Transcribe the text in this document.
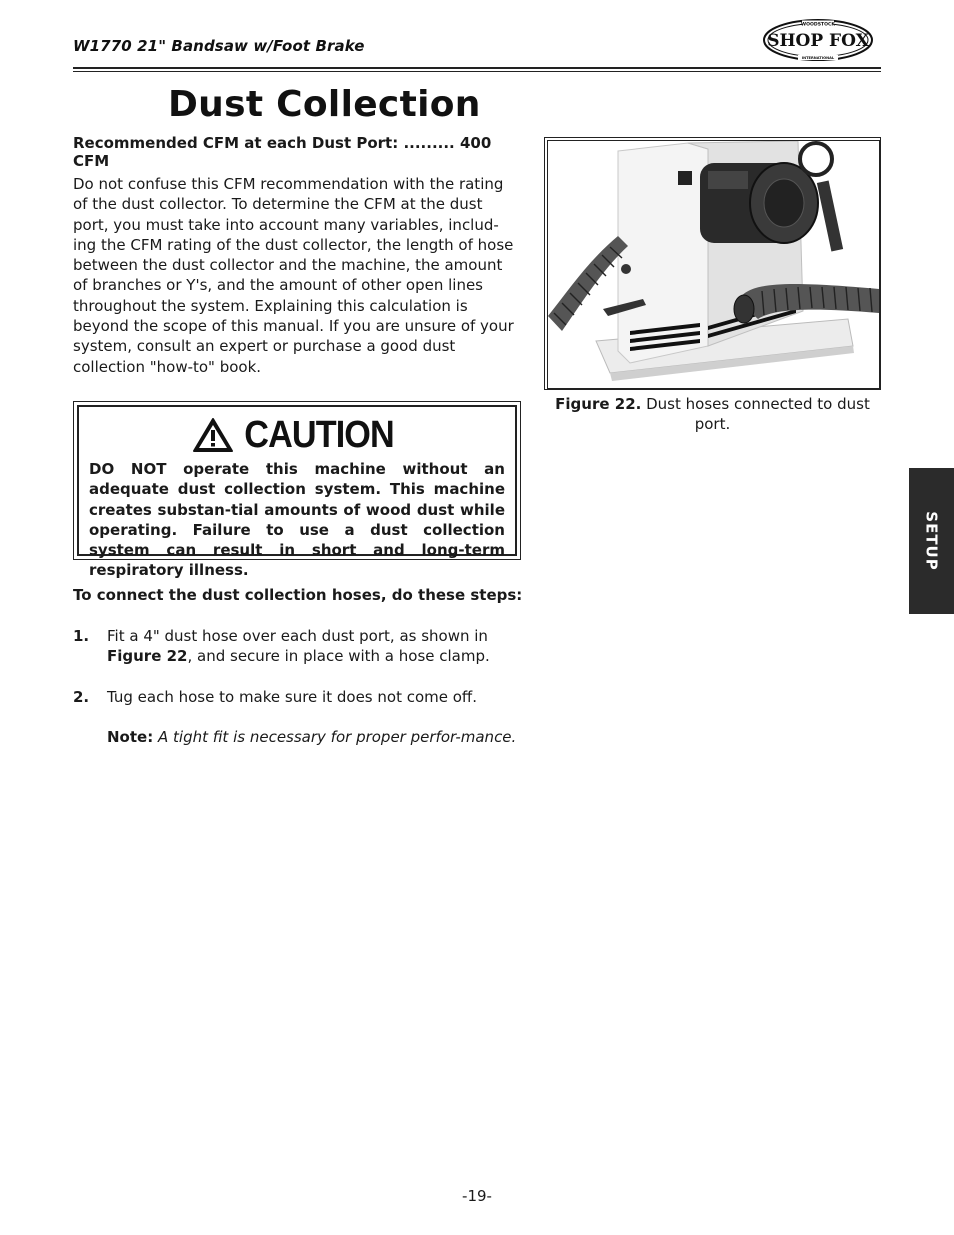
W1770 21" Bandsaw w/Foot Brake
WOODSTOCK
SHOP FOX
INTERNATIONAL
Dust Collection
Recommended CFM at each Dust Port: ......... 400 CFM

Do not confuse this CFM recommendation with the rating of the dust collector. To determine the CFM at the dust port, you must take into account many variables, includ-ing the CFM rating of the dust collector, the length of hose between the dust collector and the machine, the amount of branches or Y's, and the amount of other open lines throughout the system. Explaining this calculation is beyond the scope of this manual. If you are unsure of your system, consult an expert or purchase a good dust collection "how-to" book.

CAUTION

DO NOT operate this machine without an adequate dust collection system. This machine creates substan-tial amounts of wood dust while operating. Failure to use a dust collection system can result in short and long-term respiratory illness.

To connect the dust collection hoses, do these steps:
1. Fit a 4" dust hose over each dust port, as shown in Figure 22, and secure in place with a hose clamp.
2. Tug each hose to make sure it does not come off.
Note: A tight fit is necessary for proper perfor-mance.
Figure 22. Dust hoses connected to dust port.
SETUP
-19-
